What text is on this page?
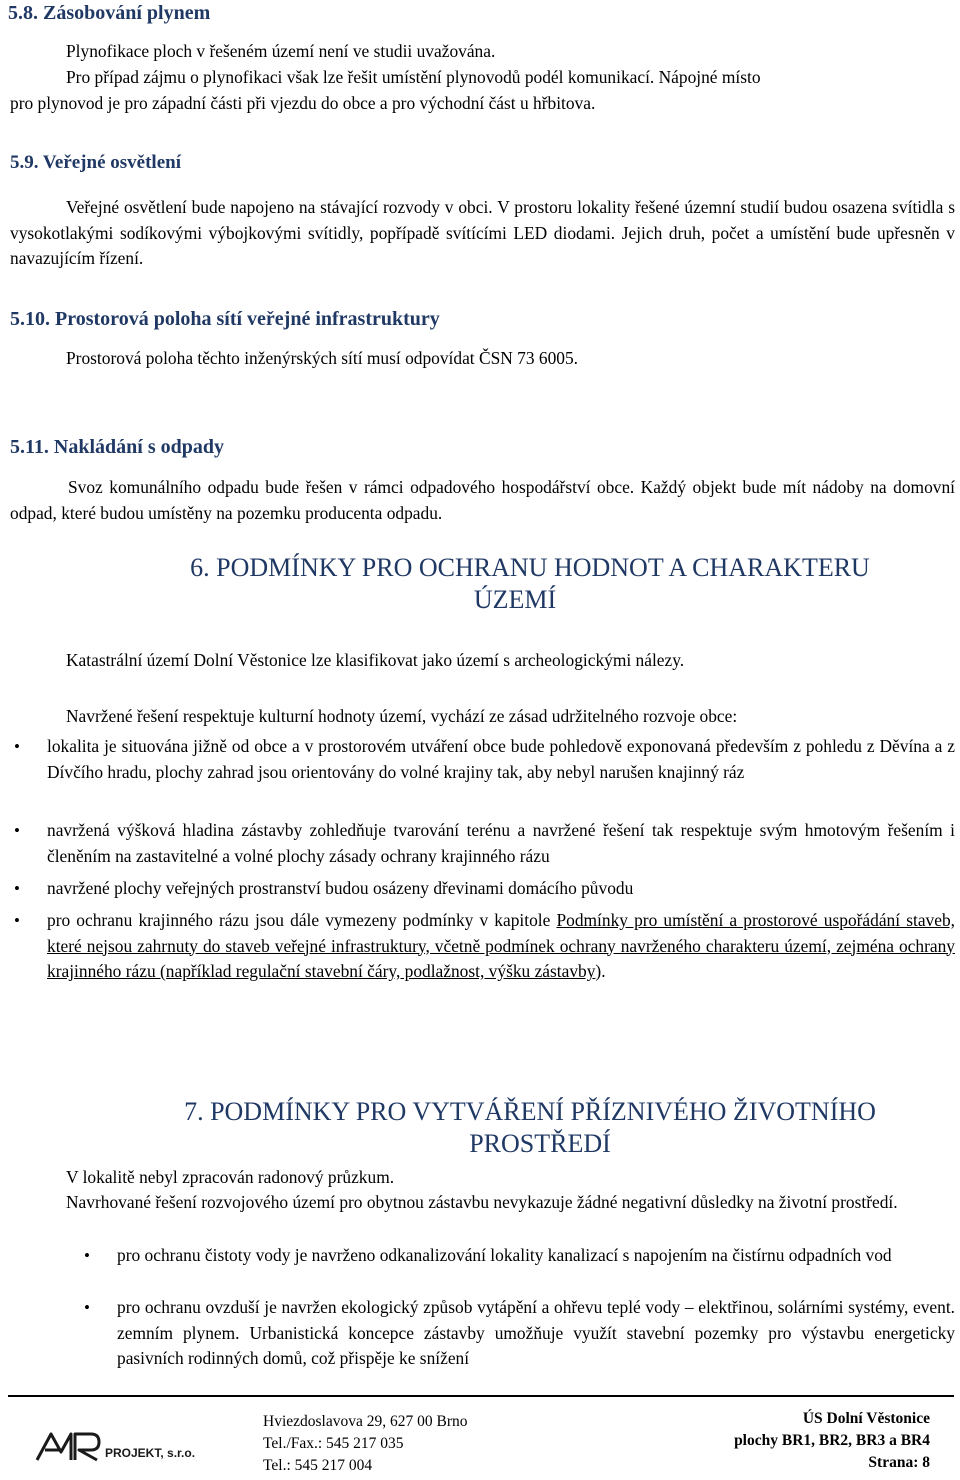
5.8. Zásobování plynem
Plynofikace ploch v řešeném území není ve studii uvažována.
Pro případ zájmu o plynofikaci však lze řešit umístění plynovodů podél komunikací. Nápojné místo
pro plynovod je pro západní části při vjezdu do obce a pro východní část u hřbitova.
5.9. Veřejné osvětlení
Veřejné osvětlení bude napojeno na stávající rozvody v obci. V prostoru lokality řešené územní studií budou osazena svítidla s vysokotlakými sodíkovými výbojkovými svítidly, popřípadě svítícími LED diodami. Jejich druh, počet a umístění bude upřesněn v navazujícím řízení.
5.10. Prostorová poloha sítí veřejné infrastruktury
Prostorová poloha těchto inženýrských sítí musí odpovídat ČSN 73 6005.
5.11. Nakládání s odpady
Svoz komunálního odpadu bude řešen v rámci odpadového hospodářství obce. Každý objekt bude mít nádoby na domovní odpad, které budou umístěny na pozemku producenta odpadu.
6. PODMÍNKY PRO OCHRANU HODNOT A CHARAKTERU
ÚZEMÍ
Katastrální území Dolní Věstonice lze klasifikovat jako území s archeologickými nálezy.
Navržené řešení respektuje kulturní hodnoty území, vychází ze zásad udržitelného rozvoje obce:
• lokalita je situována jižně od obce a v prostorovém utváření obce bude pohledově exponovaná především z pohledu z Děvína a z Dívčího hradu, plochy zahrad jsou orientovány do volné krajiny tak, aby nebyl narušen knajinný ráz
• navržená výšková hladina zástavby zohledňuje tvarování terénu a navržené řešení tak respektuje svým hmotovým řešením i členěním na zastavitelné a volné plochy zásady ochrany krajinného rázu
• navržené plochy veřejných prostranství budou osázeny dřevinami domácího původu
• pro ochranu krajinného rázu jsou dále vymezeny podmínky v kapitole Podmínky pro umístění a prostorové uspořádání staveb, které nejsou zahrnuty do staveb veřejné infrastruktury, včetně podmínek ochrany navrženého charakteru území, zejména ochrany krajinného rázu (například regulační stavební čáry, podlažnost, výšku zástavby).
7. PODMÍNKY PRO VYTVÁŘENÍ PŘÍZNIVÉHO ŽIVOTNÍHO
PROSTŘEDÍ
V lokalitě nebyl zpracován radonový průzkum.
Navrhované řešení rozvojového území pro obytnou zástavbu nevykazuje žádné negativní důsledky na životní prostředí.
• pro ochranu čistoty vody je navrženo odkanalizování lokality kanalizací s napojením na čistírnu odpadních vod
• pro ochranu ovzduší je navržen ekologický způsob vytápění a ohřevu teplé vody – elektřinou, solárními systémy, event. zemním plynem. Urbanistická koncepce zástavby umožňuje využít stavební pozemky pro výstavbu energeticky pasivních rodinných domů, což přispěje ke snížení
PROJEKT, s.r.o.
Hviezdoslavova 29, 627 00 Brno
Tel./Fax.: 545 217 035
Tel.: 545 217 004
ÚS Dolní Věstonice
plochy BR1, BR2, BR3 a BR4
Strana: 8
